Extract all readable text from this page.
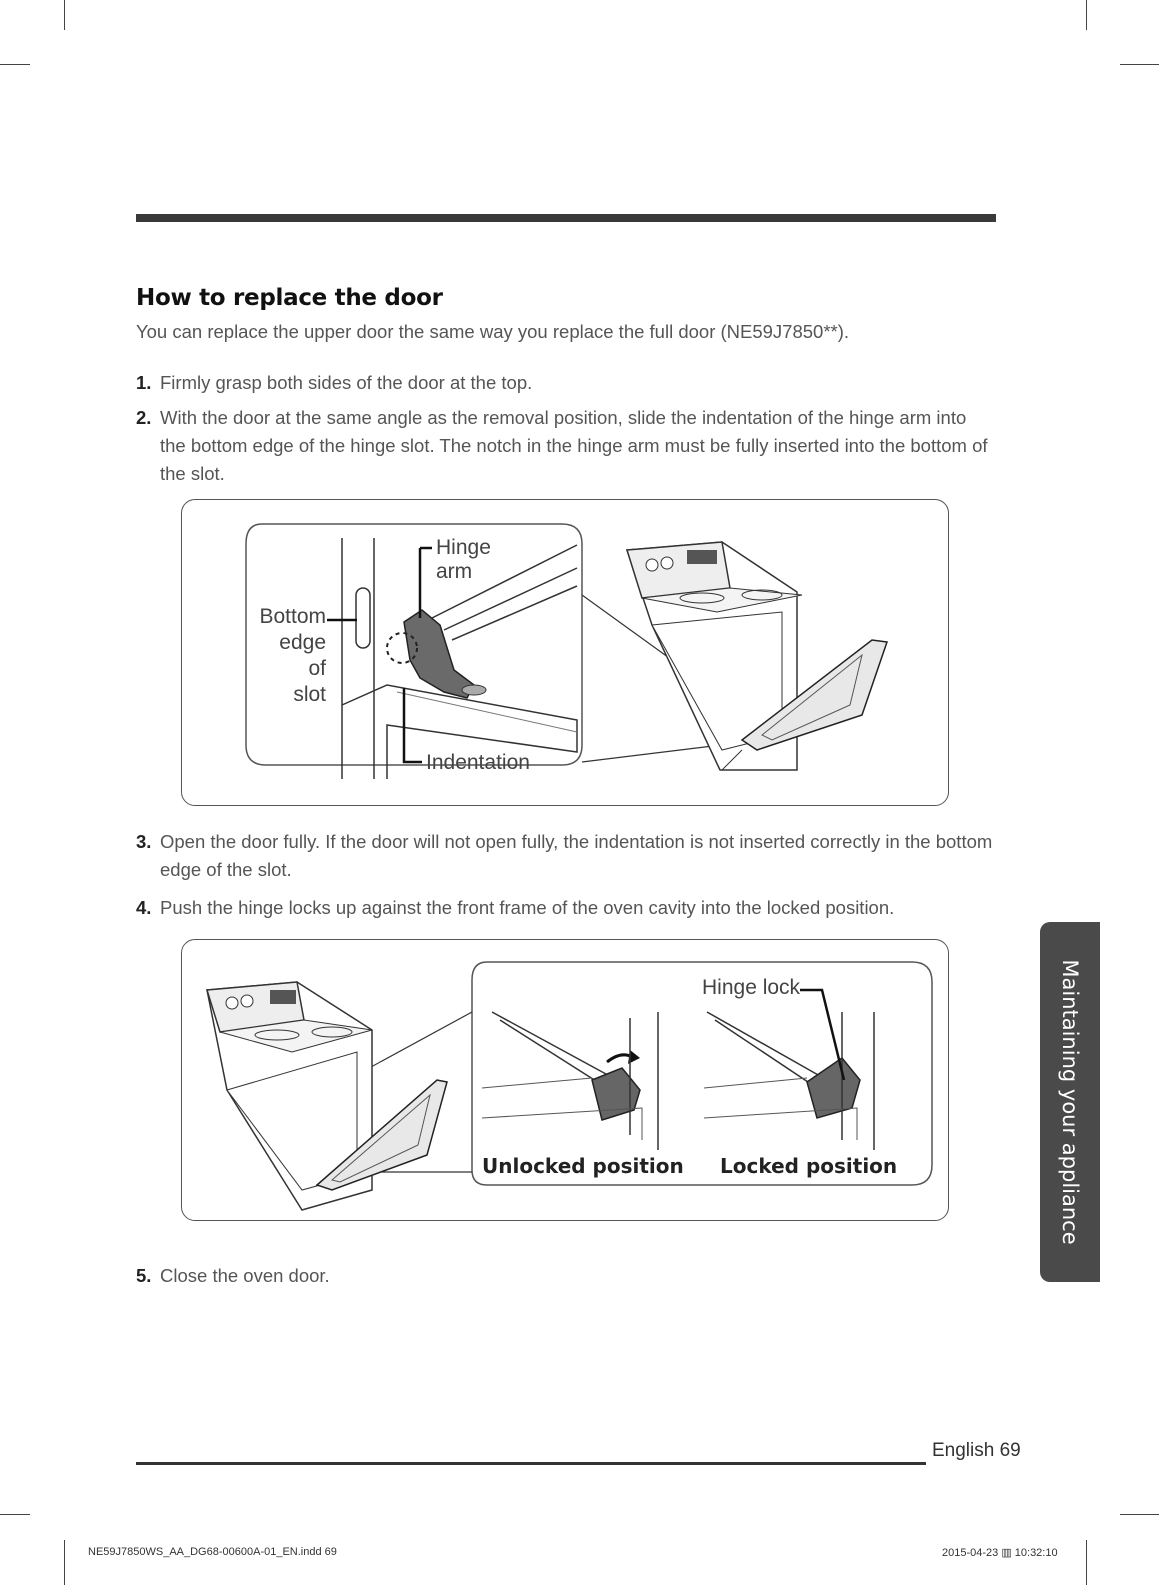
How to replace the door
You can replace the upper door the same way you replace the full door (NE59J7850**).
1. Firmly grasp both sides of the door at the top.
2. With the door at the same angle as the removal position, slide the indentation of the hinge arm into the bottom edge of the hinge slot. The notch in the hinge arm must be fully inserted into the bottom of the slot.
Hinge
arm
Bottom
edge of
slot
Indentation
3. Open the door fully. If the door will not open fully, the indentation is not inserted correctly in the bottom edge of the slot.
4. Push the hinge locks up against the front frame of the oven cavity into the locked position.
Hinge lock
Unlocked position Locked position
5. Close the oven door.
Maintaining your appliance
English 69
NE59J7850WS_AA_DG68-00600A-01_EN.indd 69	2015-04-23 ▥ 10:32:10
